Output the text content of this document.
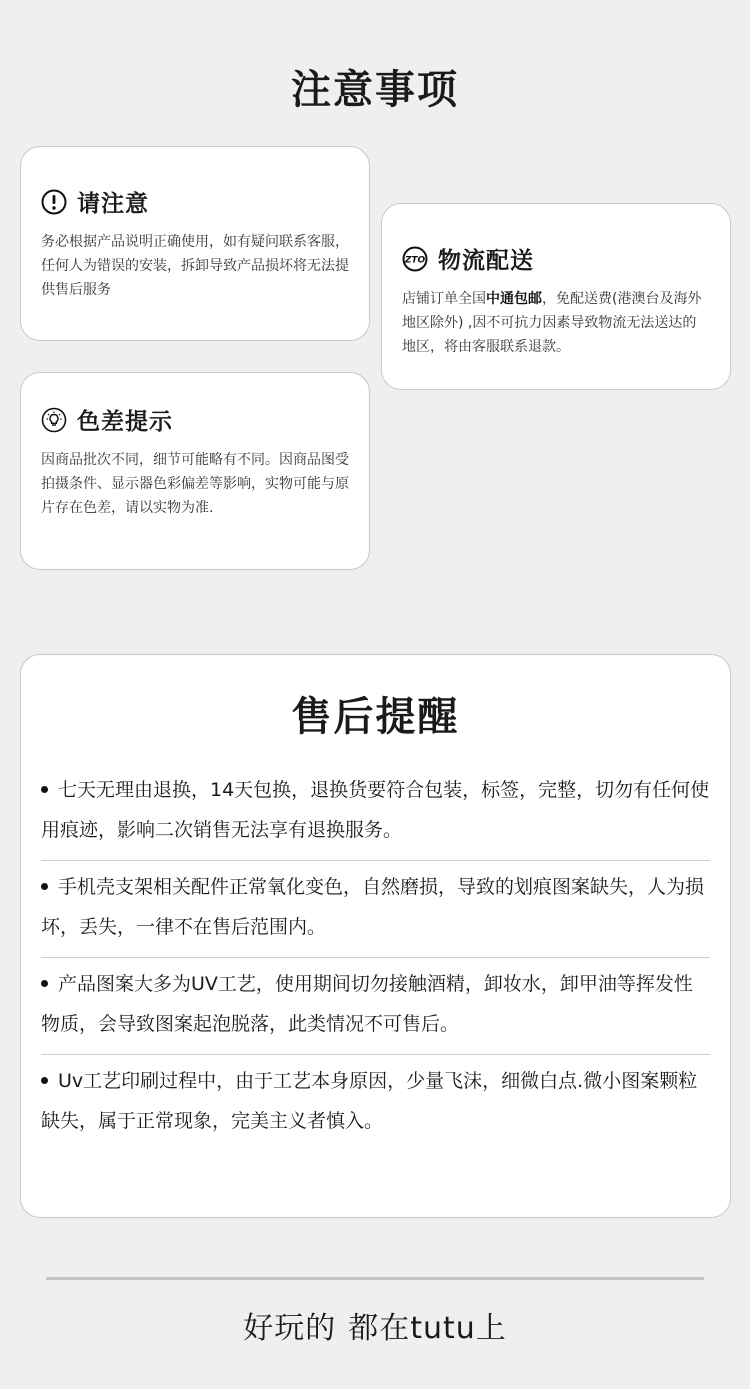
注意事项
请注意
务必根据产品说明正确使用，如有疑问联系客服，任何人为错误的安装，拆卸导致产品损坏将无法提供售后服务
ZTO 物流配送
店铺订单全国中通包邮，免配送费(港澳台及海外地区除外) ,因不可抗力因素导致物流无法送达的地区，将由客服联系退款。
色差提示
因商品批次不同，细节可能略有不同。因商品图受拍摄条件、显示器色彩偏差等影响，实物可能与原片存在色差，请以实物为准.
售后提醒
七天无理由退换，14天包换，退换货要符合包装，标签，完整，切勿有任何使用痕迹，影响二次销售无法享有退换服务。
手机壳支架相关配件正常氧化变色，自然磨损，导致的划痕图案缺失，人为损坏，丢失，一律不在售后范围内。
产品图案大多为UV工艺，使用期间切勿接触酒精，卸妆水，卸甲油等挥发性物质，会导致图案起泡脱落，此类情况不可售后。
Uv工艺印刷过程中，由于工艺本身原因，少量飞沫，细微白点.微小图案颗粒缺失，属于正常现象，完美主义者慎入。
好玩的 都在tutu上
